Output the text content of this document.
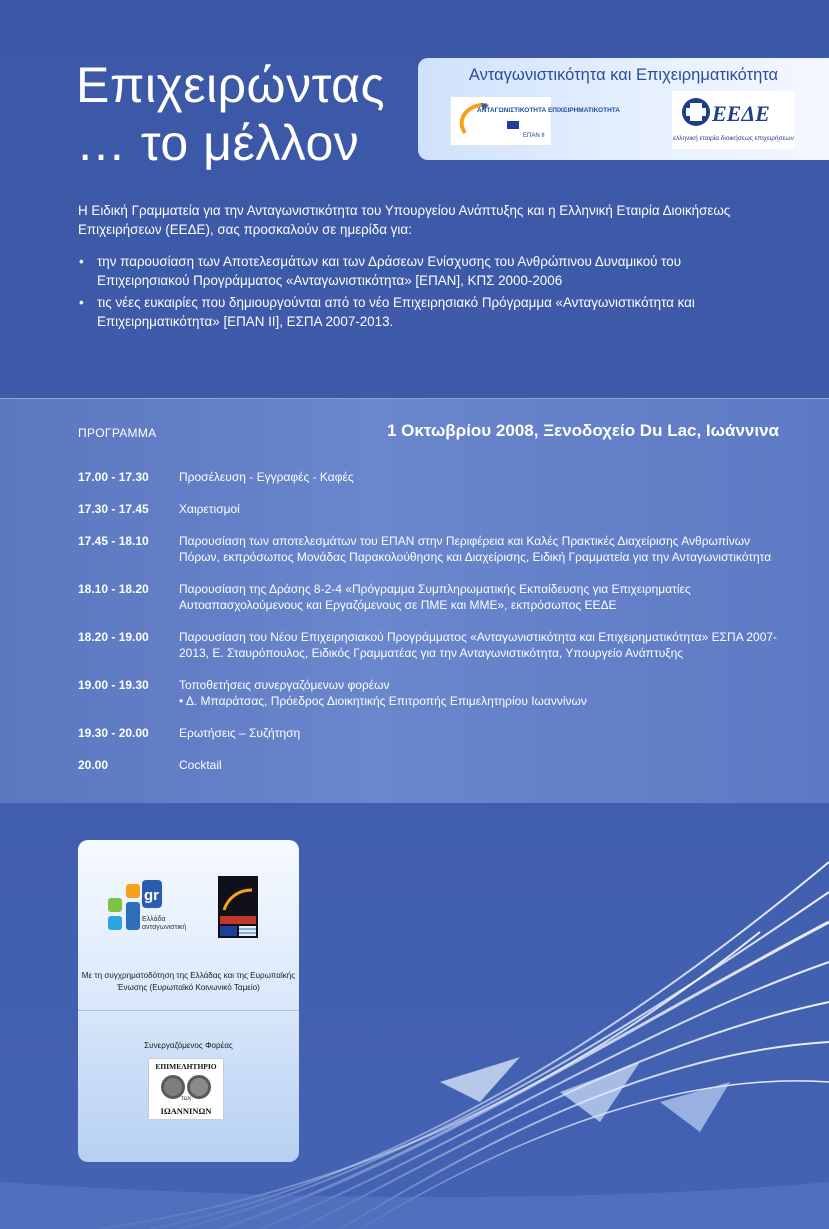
Επιχειρώντας
… το μέλλον
Ανταγωνιστικότητα και Επιχειρηματικότητα
ΑΝΤΑΓΩΝΙΣΤΙΚΟΤΗΤΑ ΕΠΙΧΕΙΡΗΜΑΤΙΚΟΤΗΤΑ
ΕΠΑΝ ΙΙ
ΕΕΔΕ
ελληνική εταιρία διοικήσεως επιχειρήσεων

Η Ειδική Γραμματεία για την Ανταγωνιστικότητα του Υπουργείου Ανάπτυξης και η Ελληνική Εταιρία Διοικήσεως Επιχειρήσεων (ΕΕΔΕ), σας προσκαλούν σε ημερίδα για:

• την παρουσίαση των Αποτελεσμάτων και των Δράσεων Ενίσχυσης του Ανθρώπινου Δυναμικού του Επιχειρησιακού Προγράμματος «Ανταγωνιστικότητα» [ΕΠΑΝ], ΚΠΣ 2000-2006
• τις νέες ευκαιρίες που δημιουργούνται από το νέο Επιχειρησιακό Πρόγραμμα «Ανταγωνιστικότητα και Επιχειρηματικότητα» [ΕΠΑΝ ΙΙ], ΕΣΠΑ 2007-2013.
ΠΡΟΓΡΑΜΜΑ	1 Οκτωβρίου 2008, Ξενοδοχείο Du Lac, Ιωάννινα
17.00 - 17.30	Προσέλευση - Εγγραφές - Καφές
17.30 - 17.45	Χαιρετισμοί
17.45 - 18.10	Παρουσίαση των αποτελεσμάτων του ΕΠΑΝ στην Περιφέρεια και Καλές Πρακτικές Διαχείρισης Ανθρωπίνων Πόρων, εκπρόσωπος Μονάδας Παρακολούθησης και Διαχείρισης, Ειδική Γραμματεία για την Ανταγωνιστικότητα
18.10 - 18.20	Παρουσίαση της Δράσης 8-2-4 «Πρόγραμμα Συμπληρωματικής Εκπαίδευσης για Επιχειρηματίες Αυτοαπασχολούμενους και Εργαζόμενους σε ΠΜΕ και ΜΜΕ», εκπρόσωπος ΕΕΔΕ
18.20 - 19.00	Παρουσίαση του Νέου Επιχειρησιακού Προγράμματος «Ανταγωνιστικότητα και Επιχειρηματικότητα» ΕΣΠΑ 2007-2013, Ε. Σταυρόπουλος, Ειδικός Γραμματέας για την Ανταγωνιστικότητα, Υπουργείο Ανάπτυξης
19.00 - 19.30	Τοποθετήσεις συνεργαζόμενων φορέων
• Δ. Μπαράτσας, Πρόεδρος Διοικητικής Επιτροπής Επιμελητηρίου Ιωαννίνων
19.30 - 20.00	Ερωτήσεις – Συζήτηση
20.00	Cocktail
gr
Ελλάδα
ανταγωνιστική
Με τη συγχρηματοδότηση της Ελλάδας και της Ευρωπαϊκής Ένωσης (Ευρωπαϊκό Κοινωνικό Ταμείο)
Συνεργαζόμενος Φορέας
ΕΠΙΜΕΛΗΤΗΡΙΟ
ΤΩΝ
ΙΩΑΝΝΙΝΩΝ
